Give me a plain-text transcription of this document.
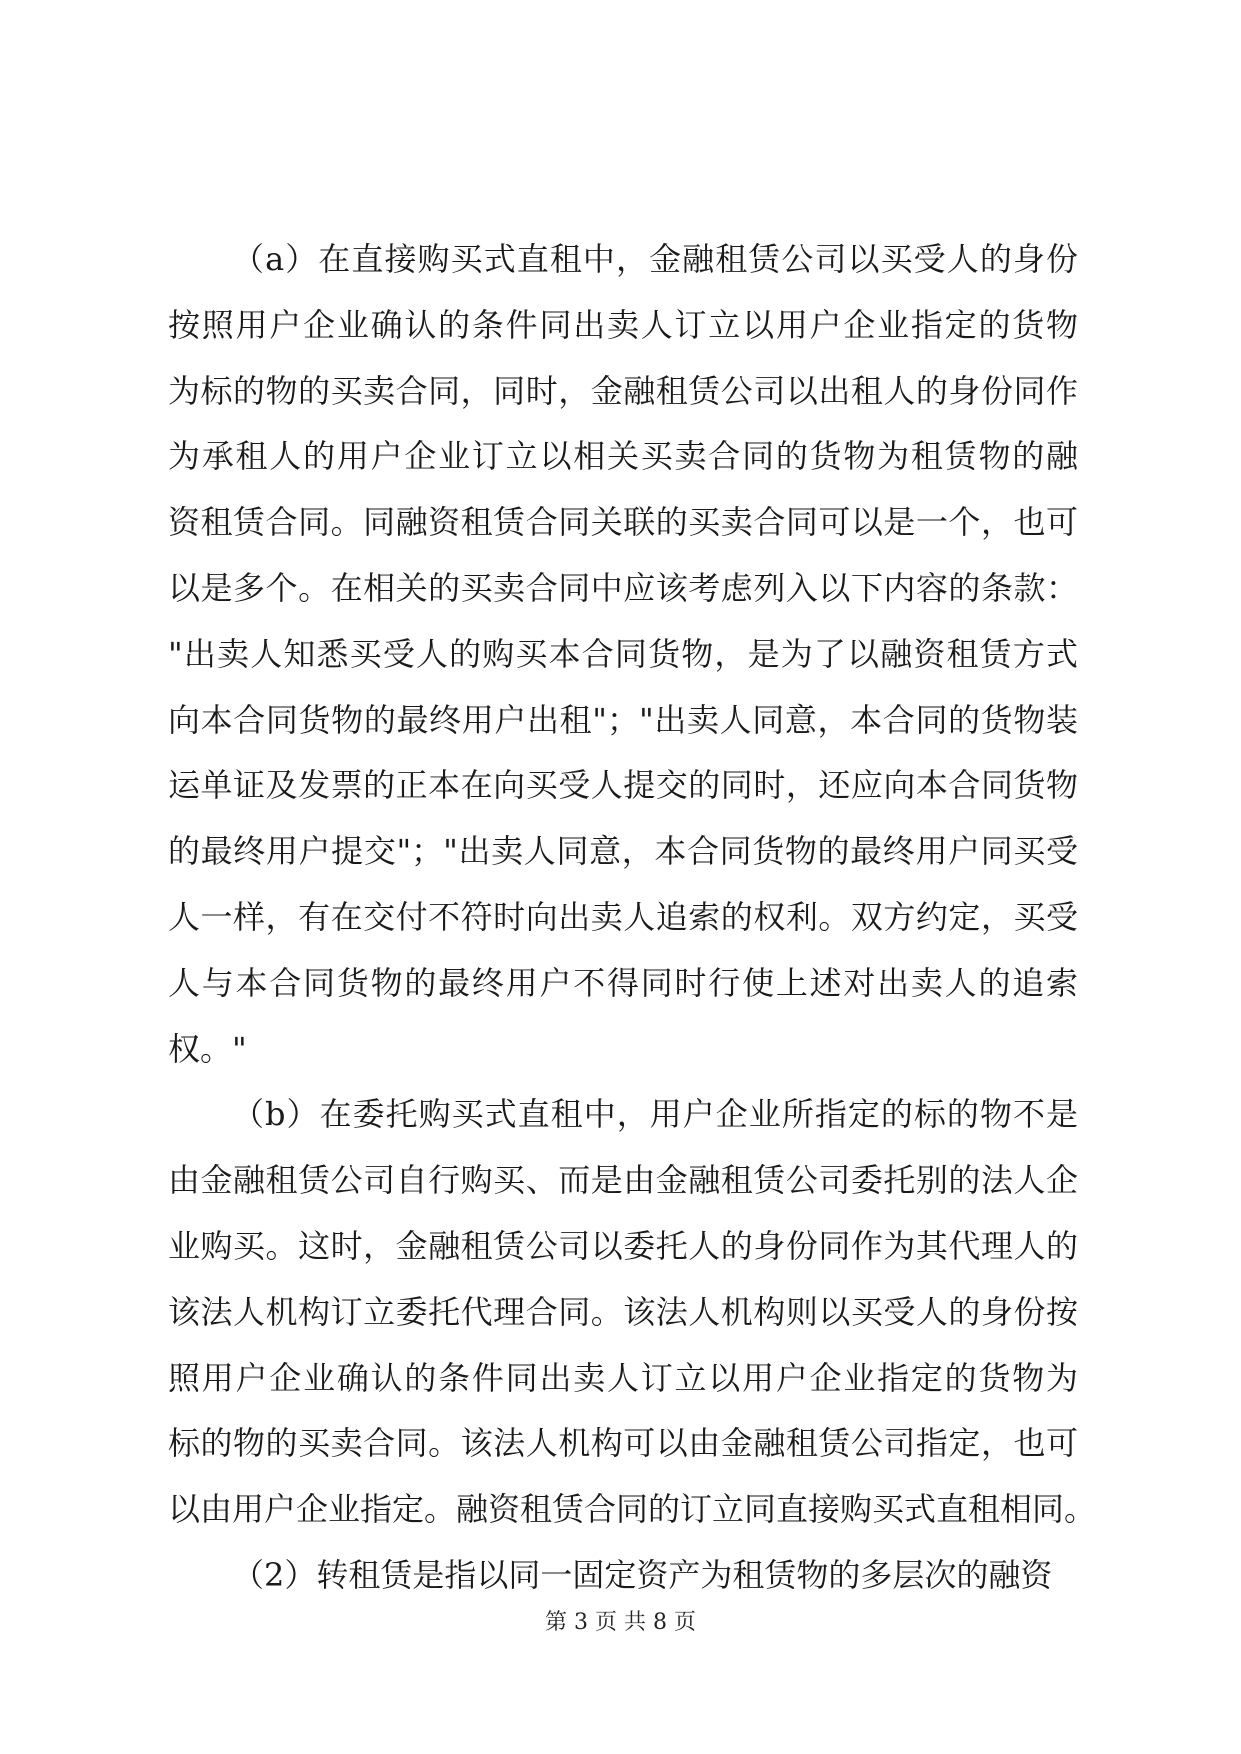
（a）在直接购买式直租中，金融租赁公司以买受人的身份
按照用户企业确认的条件同出卖人订立以用户企业指定的货物
为标的物的买卖合同，同时，金融租赁公司以出租人的身份同作
为承租人的用户企业订立以相关买卖合同的货物为租赁物的融
资租赁合同。同融资租赁合同关联的买卖合同可以是一个，也可
以是多个。在相关的买卖合同中应该考虑列入以下内容的条款：
"出卖人知悉买受人的购买本合同货物，是为了以融资租赁方式
向本合同货物的最终用户出租"；"出卖人同意，本合同的货物装
运单证及发票的正本在向买受人提交的同时，还应向本合同货物
的最终用户提交"；"出卖人同意，本合同货物的最终用户同买受
人一样，有在交付不符时向出卖人追索的权利。双方约定，买受
人与本合同货物的最终用户不得同时行使上述对出卖人的追索
权。"
（b）在委托购买式直租中，用户企业所指定的标的物不是
由金融租赁公司自行购买、而是由金融租赁公司委托别的法人企
业购买。这时，金融租赁公司以委托人的身份同作为其代理人的
该法人机构订立委托代理合同。该法人机构则以买受人的身份按
照用户企业确认的条件同出卖人订立以用户企业指定的货物为
标的物的买卖合同。该法人机构可以由金融租赁公司指定，也可
以由用户企业指定。融资租赁合同的订立同直接购买式直租相同。
（2）转租赁是指以同一固定资产为租赁物的多层次的融资
第 3 页 共 8 页
